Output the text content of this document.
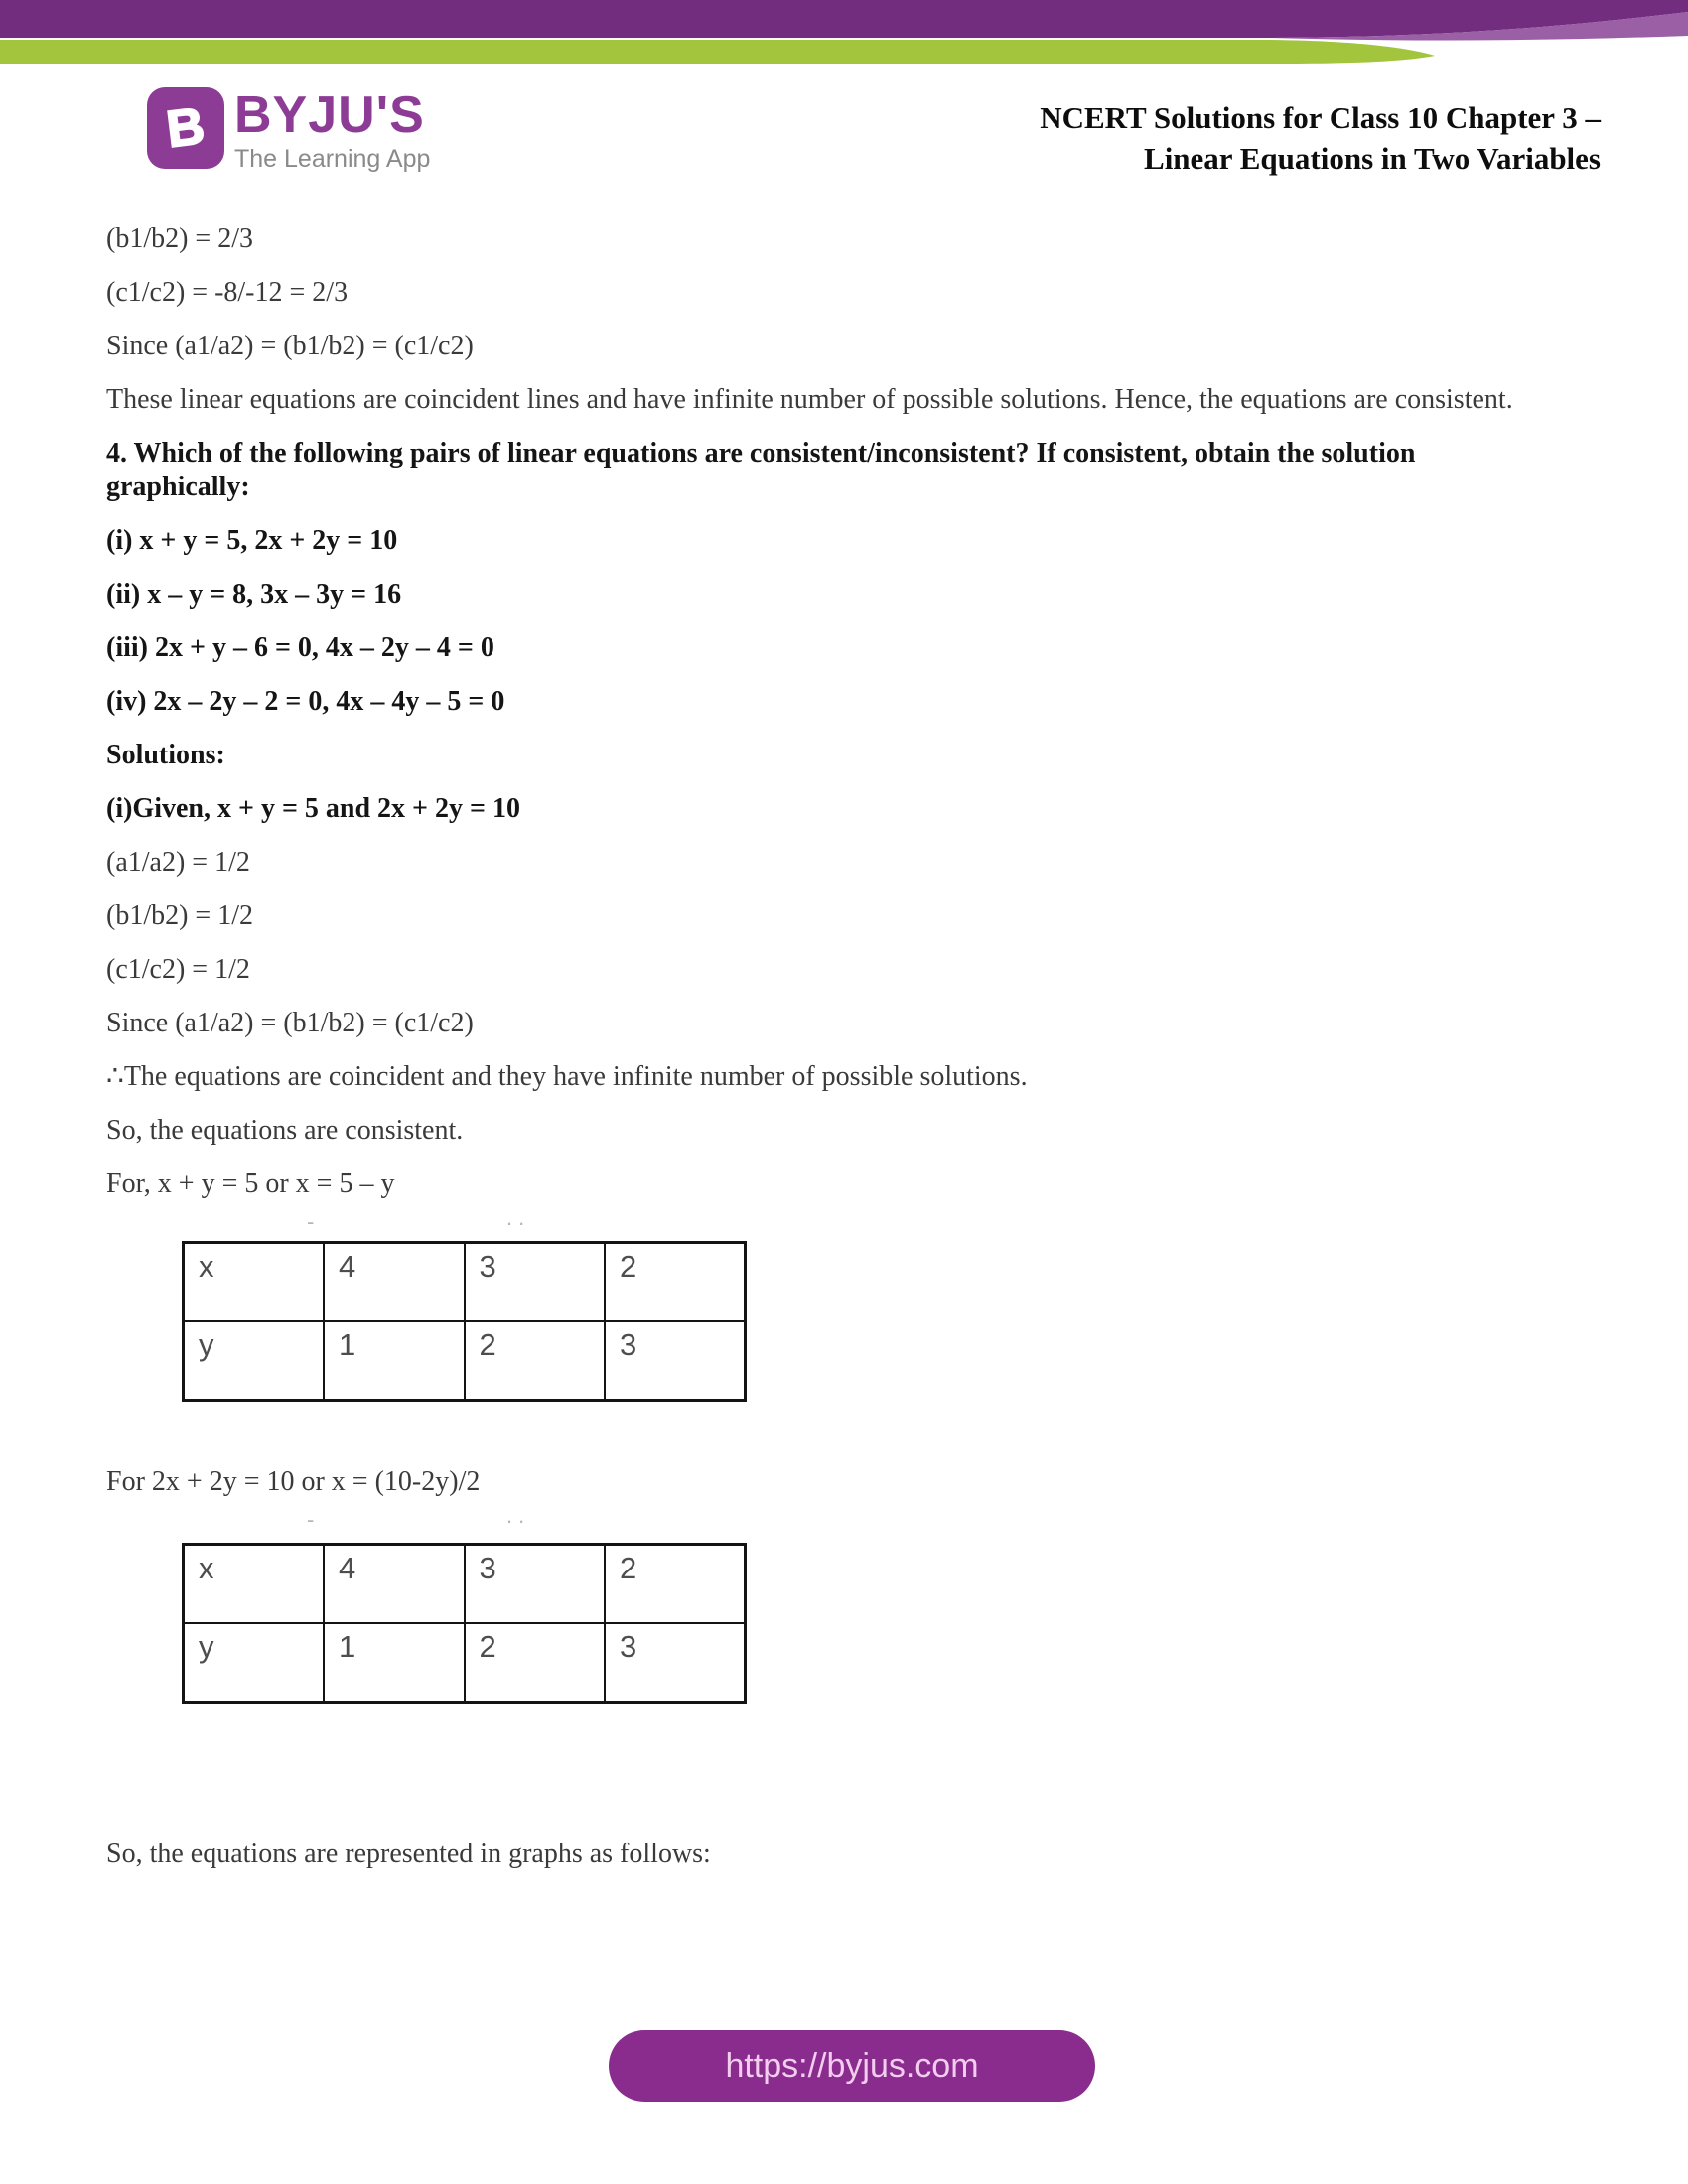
B BYJU'S
The Learning App
NCERT Solutions for Class 10 Chapter 3 –
Linear Equations in Two Variables

(b1/b2) = 2/3

(c1/c2) = -8/-12 = 2/3

Since (a1/a2) = (b1/b2) = (c1/c2)

These linear equations are coincident lines and have infinite number of possible solutions. Hence, the equations are consistent.

4. Which of the following pairs of linear equations are consistent/inconsistent? If consistent, obtain the solution graphically:

(i) x + y = 5, 2x + 2y = 10

(ii) x – y = 8, 3x – 3y = 16

(iii) 2x + y – 6 = 0, 4x – 2y – 4 = 0

(iv) 2x – 2y – 2 = 0, 4x – 4y – 5 = 0

Solutions:

(i)Given, x + y = 5 and 2x + 2y = 10

(a1/a2) = 1/2

(b1/b2) = 1/2

(c1/c2) = 1/2

Since (a1/a2) = (b1/b2) = (c1/c2)

∴The equations are coincident and they have infinite number of possible solutions.

So, the equations are consistent.

For, x + y = 5 or x = 5 – y

-	..
x	4	3	2
y	1	2	3

For 2x + 2y = 10 or x = (10-2y)/2

-	..
x	4	3	2
y	1	2	3

So, the equations are represented in graphs as follows:

https://byjus.com
